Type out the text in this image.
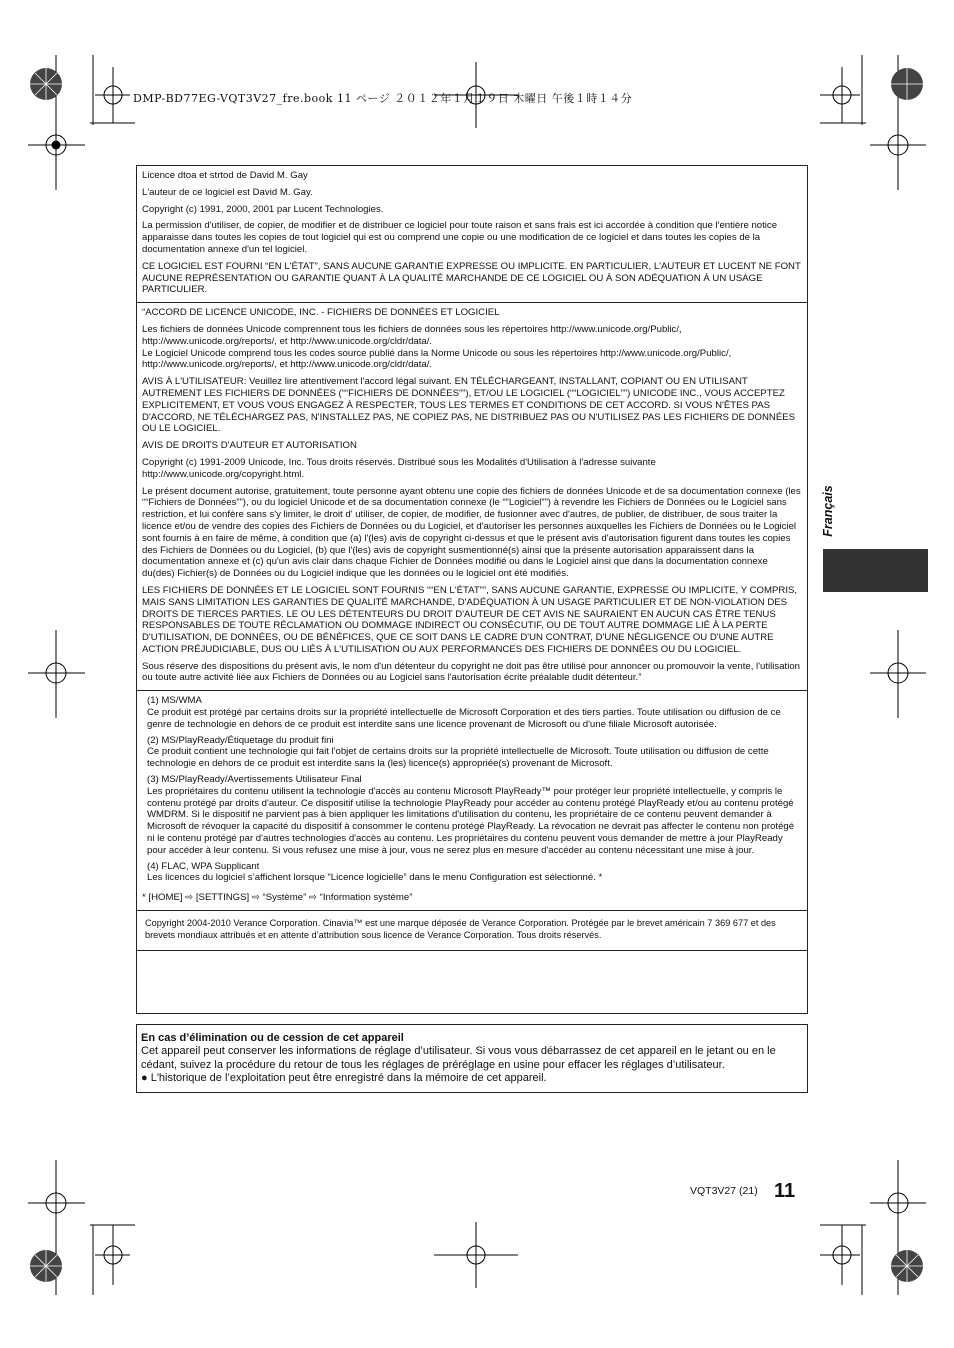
DMP-BD77EG-VQT3V27_fre.book 11 ページ ２０１２年１月１９日 木曜日 午後１時１４分

Licence dtoa et strtod de David M. Gay

L'auteur de ce logiciel est David M. Gay.

Copyright (c) 1991, 2000, 2001 par Lucent Technologies.

La permission d'utiliser, de copier, de modifier et de distribuer ce logiciel pour toute raison et sans frais est ici accordée à condition que l'entière notice apparaisse dans toutes les copies de tout logiciel qui est ou comprend une copie ou une modification de ce logiciel et dans toutes les copies de la documentation annexe d'un tel logiciel.

CE LOGICIEL EST FOURNI “EN L'ÉTAT”, SANS AUCUNE GARANTIE EXPRESSE OU IMPLICITE. EN PARTICULIER, L'AUTEUR ET LUCENT NE FONT AUCUNE REPRÉSENTATION OU GARANTIE QUANT À LA QUALITÉ MARCHANDE DE CE LOGICIEL OU À SON ADÉQUATION À UN USAGE PARTICULIER.

“ACCORD DE LICENCE UNICODE, INC. - FICHIERS DE DONNÉES ET LOGICIEL

Les fichiers de données Unicode comprennent tous les fichiers de données sous les répertoires http://www.unicode.org/Public/, http://www.unicode.org/reports/, et http://www.unicode.org/cldr/data/.

Le Logiciel Unicode comprend tous les codes source publié dans la Norme Unicode ou sous les répertoires http://www.unicode.org/Public/, http://www.unicode.org/reports/, et http://www.unicode.org/cldr/data/.

AVIS À L'UTILISATEUR: Veuillez lire attentivement l'accord légal suivant. EN TÉLÉCHARGEANT, INSTALLANT, COPIANT OU EN UTILISANT AUTREMENT LES FICHIERS DE DONNÉES (““FICHIERS DE DONNÉES””), ET/OU LE LOGICIEL (““LOGICIEL””) UNICODE INC., VOUS ACCEPTEZ EXPLICITEMENT, ET VOUS VOUS ENGAGEZ À RESPECTER, TOUS LES TERMES ET CONDITIONS DE CET ACCORD. SI VOUS N'ÊTES PAS D'ACCORD, NE TÉLÉCHARGEZ PAS, N'INSTALLEZ PAS, NE COPIEZ PAS, NE DISTRIBUEZ PAS OU N'UTILISEZ PAS LES FICHIERS DE DONNÉES OU LE LOGICIEL.

AVIS DE DROITS D'AUTEUR ET AUTORISATION

Copyright (c) 1991-2009 Unicode, Inc. Tous droits réservés. Distribué sous les Modalités d'Utilisation à l'adresse suivante http://www.unicode.org/copyright.html.

Le présent document autorise, gratuitement, toute personne ayant obtenu une copie des fichiers de données Unicode et de sa documentation connexe (les ““Fichiers de Données””), ou du logiciel Unicode et de sa documentation connexe (le ““Logiciel””) à revendre les Fichiers de Données ou le Logiciel sans restriction, et lui confère sans s'y limiter, le droit d' utiliser, de copier, de modifier, de fusionner avec d'autres, de publier, de distribuer, de sous traiter la licence et/ou de vendre des copies des Fichiers de Données ou du Logiciel, et d'autoriser les personnes auxquelles les Fichiers de Données ou le Logiciel sont fournis à en faire de même, à condition que (a) l'(les) avis de copyright ci-dessus et que le présent avis d'autorisation figurent dans toutes les copies des Fichiers de Données ou du Logiciel, (b) que l'(les) avis de copyright susmentionné(s) ainsi que la présente autorisation apparaissent dans la documentation annexe et (c) qu'un avis clair dans chaque Fichier de Données modifié ou dans le Logiciel ainsi que dans la documentation connexe du(des) Fichier(s) de Données ou du Logiciel indique que les données ou le logiciel ont été modifiés.

LES FICHIERS DE DONNÉES ET LE LOGICIEL SONT FOURNIS ““EN L'ÉTAT””, SANS AUCUNE GARANTIE, EXPRESSE OU IMPLICITE, Y COMPRIS, MAIS SANS LIMITATION LES GARANTIES DE QUALITÉ MARCHANDE, D'ADÉQUATION À UN USAGE PARTICULIER ET DE NON-VIOLATION DES DROITS DE TIERCES PARTIES. LE OU LES DÉTENTEURS DU DROIT D'AUTEUR DE CET AVIS NE SAURAIENT EN AUCUN CAS ÊTRE TENUS RESPONSABLES DE TOUTE RÉCLAMATION OU DOMMAGE INDIRECT OU CONSÉCUTIF, OU DE TOUT AUTRE DOMMAGE LIÉ À LA PERTE D'UTILISATION, DE DONNÉES, OU DE BÉNÉFICES, QUE CE SOIT DANS LE CADRE D'UN CONTRAT, D'UNE NÉGLIGENCE OU D'UNE AUTRE ACTION PRÉJUDICIABLE, DUS OU LIÉS À L'UTILISATION OU AUX PERFORMANCES DES FICHIERS DE DONNÉES OU DU LOGICIEL.

Sous réserve des dispositions du présent avis, le nom d'un détenteur du copyright ne doit pas être utilisé pour annoncer ou promouvoir la vente, l'utilisation ou toute autre activité liée aux Fichiers de Données ou au Logiciel sans l'autorisation écrite préalable dudit détenteur.”

(1) MS/WMA

Ce produit est protégé par certains droits sur la propriété intellectuelle de Microsoft Corporation et des tiers parties. Toute utilisation ou diffusion de ce genre de technologie en dehors de ce produit est interdite sans une licence provenant de Microsoft ou d'une filiale Microsoft autorisée.

(2) MS/PlayReady/Étiquetage du produit fini

Ce produit contient une technologie qui fait l'objet de certains droits sur la propriété intellectuelle de Microsoft. Toute utilisation ou diffusion de cette technologie en dehors de ce produit est interdite sans la (les) licence(s) appropriée(s) provenant de Microsoft.

(3) MS/PlayReady/Avertissements Utilisateur Final

Les propriétaires du contenu utilisent la technologie d'accès au contenu Microsoft PlayReady™ pour protéger leur propriété intellectuelle, y compris le contenu protégé par droits d'auteur. Ce dispositif utilise la technologie PlayReady pour accéder au contenu protégé PlayReady et/ou au contenu protégé WMDRM. Si le dispositif ne parvient pas à bien appliquer les limitations d'utilisation du contenu, les propriétaire de ce contenu peuvent demander à Microsoft de révoquer la capacité du dispositif à consommer le contenu protégé PlayReady. La révocation ne devrait pas affecter le contenu non protégé ni le contenu protégé par d'autres technologies d'accès au contenu. Les propriétaires du contenu peuvent vous demander de mettre à jour PlayReady pour accéder à leur contenu. Si vous refusez une mise à jour, vous ne serez plus en mesure d'accéder au contenu nécessitant une mise à jour.

(4) FLAC, WPA Supplicant

Les licences du logiciel s’affichent lorsque “Licence logicielle” dans le menu Configuration est sélectionné. *

* [HOME] ⇨ [SETTINGS] ⇨ “Système” ⇨ “Information système”

Copyright 2004-2010 Verance Corporation. Cinavia™ est une marque déposée de Verance Corporation. Protégée par le brevet américain 7 369 677 et des brevets mondiaux attribués et en attente d’attribution sous licence de Verance Corporation. Tous droits réservés.

En cas d’élimination ou de cession de cet appareil

Cet appareil peut conserver les informations de réglage d’utilisateur. Si vous vous débarrassez de cet appareil en le jetant ou en le cédant, suivez la procédure du retour de tous les réglages de préréglage en usine pour effacer les réglages d’utilisateur.

● L'historique de l’exploitation peut être enregistré dans la mémoire de cet appareil.

Français
VQT3V27 (21) 11
